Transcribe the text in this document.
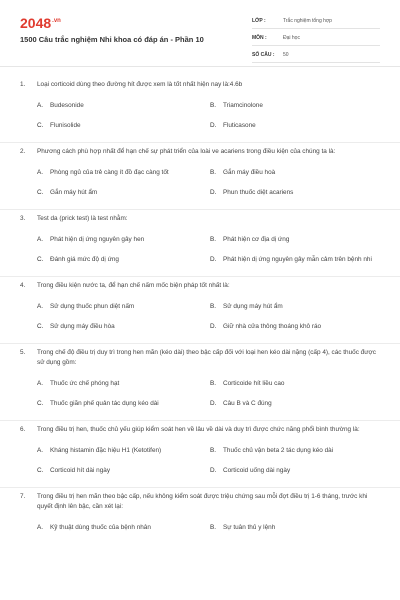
$2048^{.vn}$
1500 Câu trắc nghiệm Nhi khoa có đáp án - Phần 10
LỚP :	Trắc nghiệm tổng hợp
MÔN :	Đại học
SỐ CÂU :	50
1.	Loại corticoid dùng theo đường hít được xem là tốt nhất hiện nay là:4.6b
A.	Budesonide	B.	Triamcinolone
C.	Flunisolide	D.	Fluticasone
2.	Phương cách phù hợp nhất để hạn chế sự phát triển của loài ve acariens trong điều kiện của chúng ta là:
A.	Phòng ngủ của trẻ càng ít đồ đạc càng tốt	B.	Gắn máy điều hoà
C.	Gắn máy hút ẩm	D.	Phun thuốc diệt acariens
3.	Test da (prick test) là test nhằm:
A.	Phát hiện dị ứng nguyên gây hen	B.	Phát hiện cơ địa dị ứng
C.	Đánh giá mức độ dị ứng	D.	Phát hiện dị ứng nguyên gây mẫn cảm trên bệnh nhi
4.	Trong điều kiện nước ta, để hạn chế nấm mốc biện pháp tốt nhất là:
A.	Sử dụng thuốc phun diệt nấm	B.	Sử dụng máy hút ẩm
C.	Sử dụng máy điều hòa	D.	Giữ nhà cửa thông thoáng khô ráo
5.	Trong chế độ điều trị duy trì trong hen mãn (kéo dài) theo bậc cấp đối với loại hen kéo dài nặng (cấp 4), các thuốc được sử dụng gồm:
A.	Thuốc ức chế phóng hạt	B.	Corticoide hít liều cao
C.	Thuốc giãn phế quản tác dụng kéo dài	D.	Câu B và C đúng
6.	Trong điều trị hen, thuốc chủ yếu giúp kiểm soát hen về lâu về dài và duy trì được chức năng phổi bình thường là:
A.	Kháng histamin đặc hiệu H1 (Ketotifen)	B.	Thuốc chủ vận beta 2 tác dụng kéo dài
C.	Corticoid hít dài ngày	D.	Corticoid uống dài ngày
7.	Trong điều trị hen mãn theo bậc cấp, nếu không kiểm soát được triệu chứng sau mỗi đợt điều trị 1-6 tháng, trước khi quyết định lên bậc, cần xét lại:
A.	Kỹ thuật dùng thuốc của bệnh nhân	B.	Sự tuân thủ y lệnh
